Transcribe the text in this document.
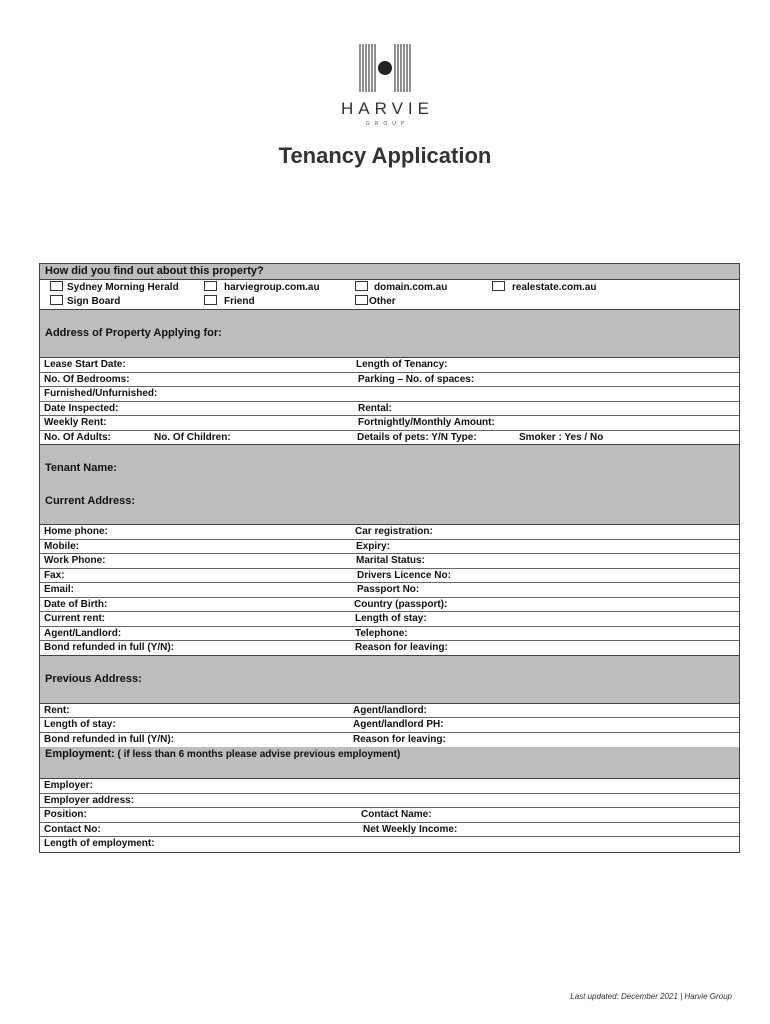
HARVIE
GROUP
Tenancy Application
How did you find out about this property?
Sydney Morning Herald	harviegroup.com.au	domain.com.au	realestate.com.au
Sign Board	Friend	Other
Address of Property Applying for:
Lease Start Date:	Length of Tenancy:
No. Of Bedrooms:	Parking – No. of spaces:
Furnished/Unfurnished:
Date Inspected:	Rental:
Weekly Rent:	Fortnightly/Monthly Amount:
No. Of Adults:	No. Of Children:	Details of pets: Y/N Type:	Smoker : Yes / No
Tenant Name:
Current Address:
Home phone:	Car registration:
Mobile:	Expiry:
Work Phone:	Marital Status:
Fax:	Drivers Licence No:
Email:	Passport No:
Date of Birth:	Country (passport):
Current rent:	Length of stay:
Agent/Landlord:	Telephone:
Bond refunded in full (Y/N):	Reason for leaving:
Previous Address:
Rent:	Agent/landlord:
Length of stay:	Agent/landlord PH:
Bond refunded in full (Y/N):	Reason for leaving:
Employment: ( if less than 6 months please advise previous employment)
Employer:
Employer address:
Position:	Contact Name:
Contact No:	Net Weekly Income:
Length of employment:
Last updated: December 2021 | Harvie Group
